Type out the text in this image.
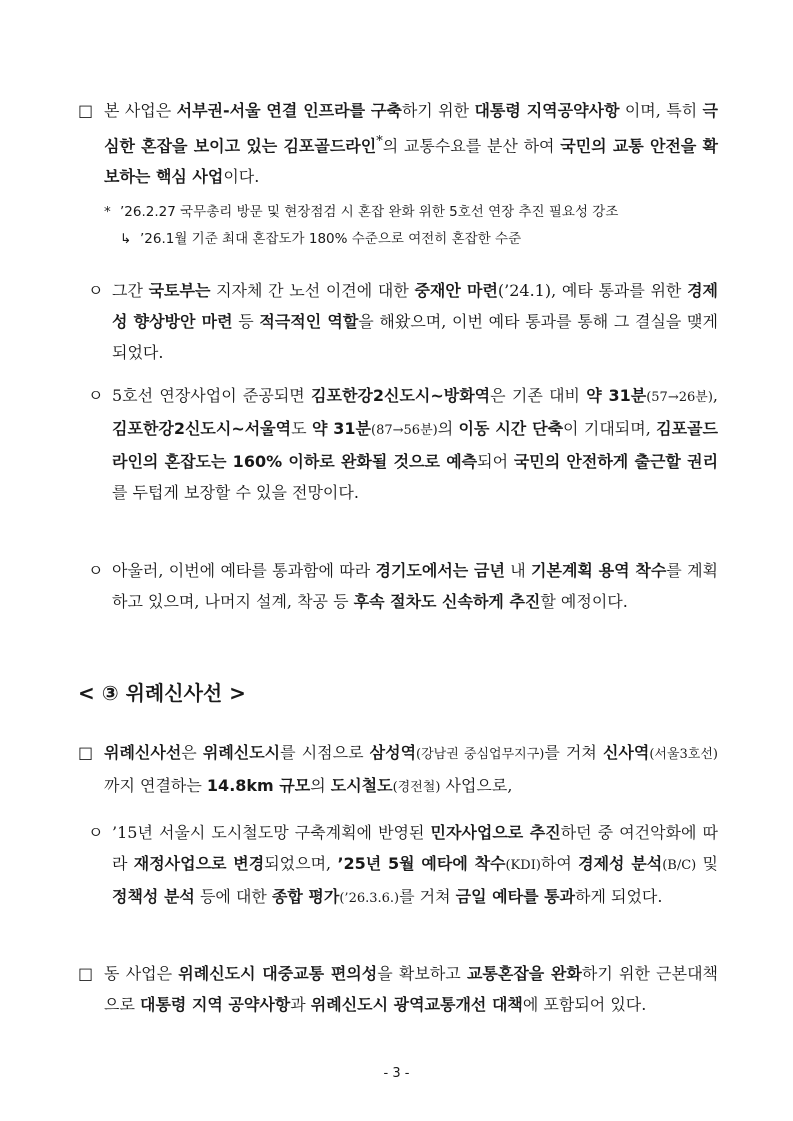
□ 본 사업은 서부권-서울 연결 인프라를 구축하기 위한 대통령 지역공약사항 이며, 특히 극심한 혼잡을 보이고 있는 김포골드라인*의 교통수요를 분산 하여 국민의 교통 안전을 확보하는 핵심 사업이다.
* ’26.2.27 국무총리 방문 및 현장점검 시 혼잡 완화 위한 5호선 연장 추진 필요성 강조
↳ ’26.1월 기준 최대 혼잡도가 180% 수준으로 여전히 혼잡한 수준
ㅇ 그간 국토부는 지자체 간 노선 이견에 대한 중재안 마련(’24.1), 예타 통과를 위한 경제성 향상방안 마련 등 적극적인 역할을 해왔으며, 이번 예타 통과를 통해 그 결실을 맺게 되었다.
ㅇ 5호선 연장사업이 준공되면 김포한강2신도시~방화역은 기존 대비 약 31분(57→26분), 김포한강2신도시~서울역도 약 31분(87→56분)의 이동 시간 단축이 기대되며, 김포골드라인의 혼잡도는 160% 이하로 완화될 것으로 예측되어 국민의 안전하게 출근할 권리를 두텁게 보장할 수 있을 전망이다.
ㅇ 아울러, 이번에 예타를 통과함에 따라 경기도에서는 금년 내 기본계획 용역 착수를 계획하고 있으며, 나머지 설계, 착공 등 후속 절차도 신속하게 추진할 예정이다.
< ③ 위례신사선 >
□ 위례신사선은 위례신도시를 시점으로 삼성역(강남권 중심업무지구)를 거쳐 신사역(서울3호선)까지 연결하는 14.8km 규모의 도시철도(경전철) 사업으로,
ㅇ ’15년 서울시 도시철도망 구축계획에 반영된 민자사업으로 추진하던 중 여건악화에 따라 재정사업으로 변경되었으며, ’25년 5월 예타에 착수(KDI)하여 경제성 분석(B/C) 및 정책성 분석 등에 대한 종합 평가(’26.3.6.)를 거쳐 금일 예타를 통과하게 되었다.
□ 동 사업은 위례신도시 대중교통 편의성을 확보하고 교통혼잡을 완화하기 위한 근본대책으로 대통령 지역 공약사항과 위례신도시 광역교통개선 대책에 포함되어 있다.
- 3 -
